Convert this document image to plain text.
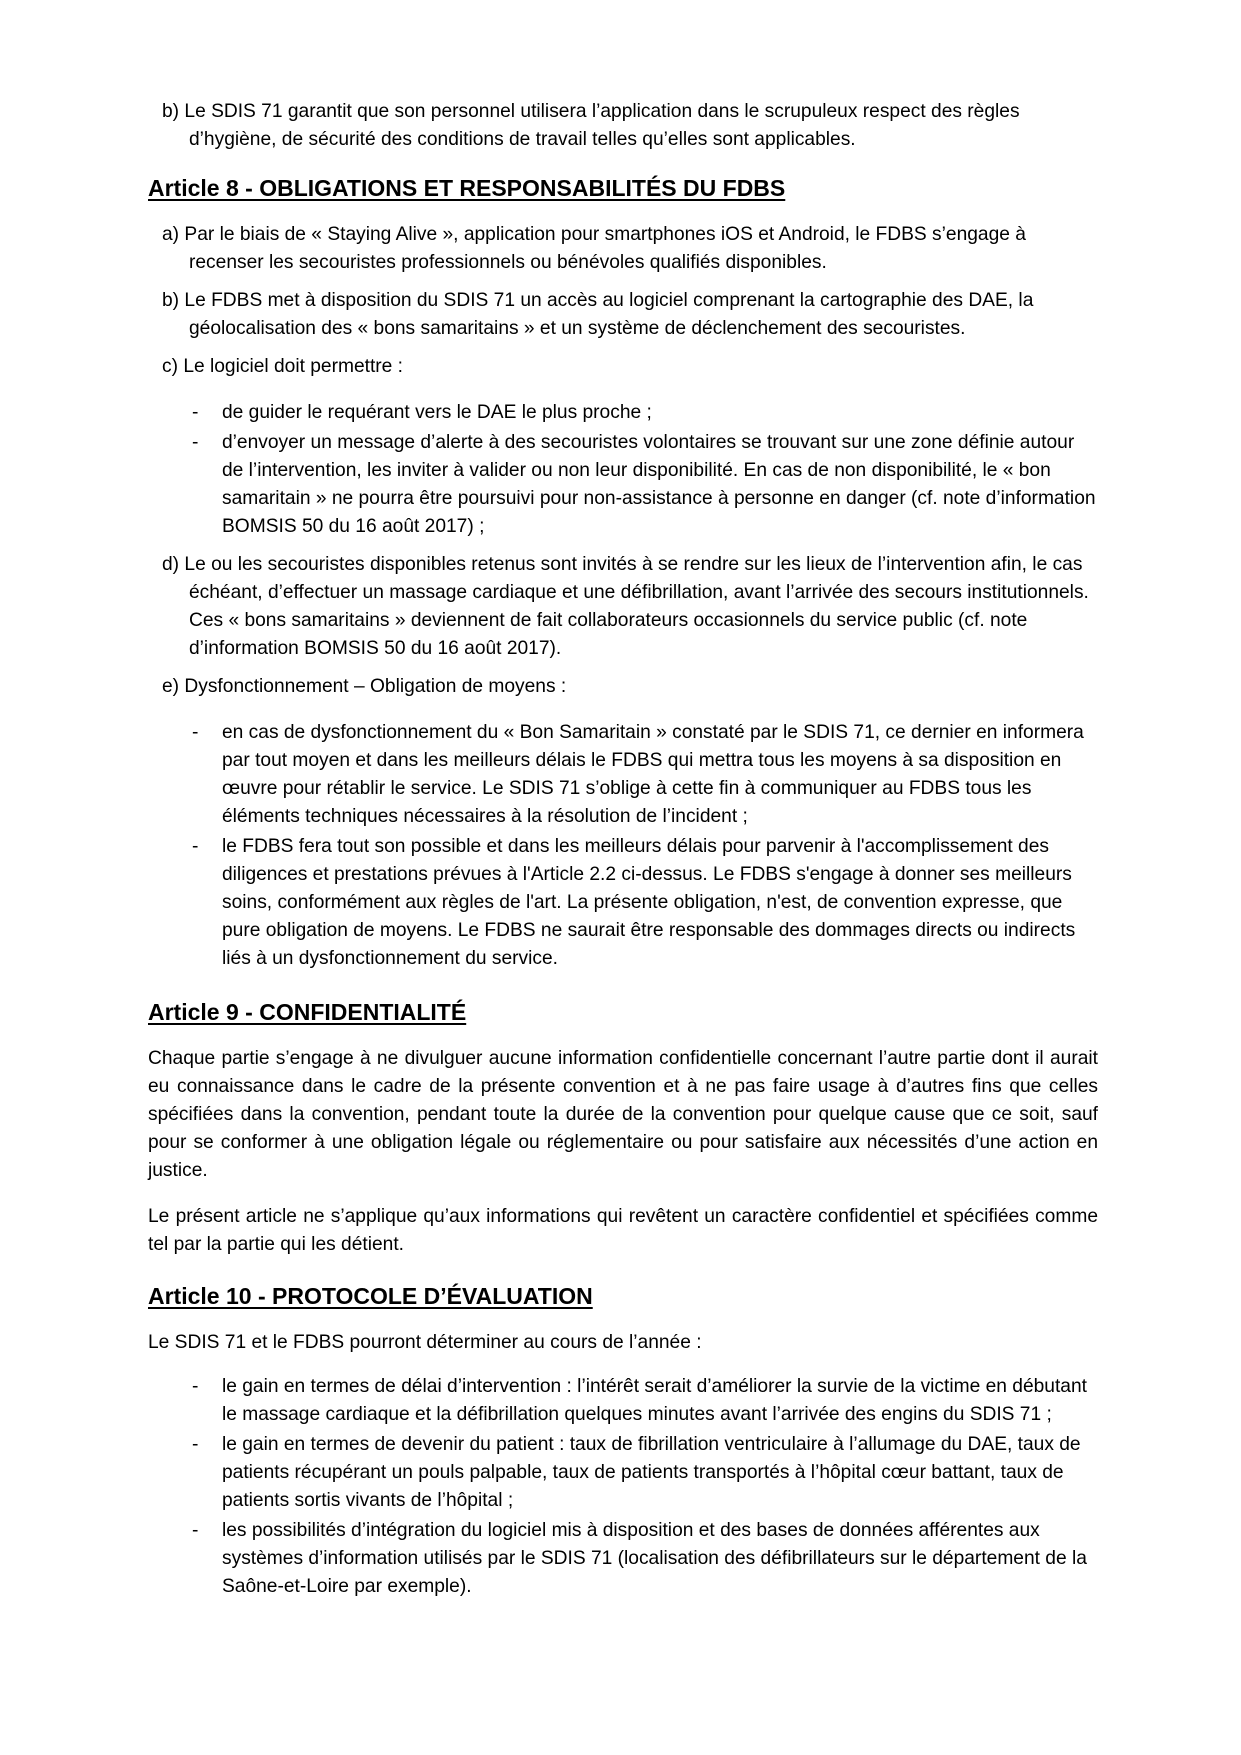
b) Le SDIS 71 garantit que son personnel utilisera l’application dans le scrupuleux respect des règles d’hygiène, de sécurité des conditions de travail telles qu’elles sont applicables.

Article 8 - OBLIGATIONS ET RESPONSABILITÉS DU FDBS

a) Par le biais de « Staying Alive », application pour smartphones iOS et Android, le FDBS s’engage à recenser les secouristes professionnels ou bénévoles qualifiés disponibles.

b) Le FDBS met à disposition du SDIS 71 un accès au logiciel comprenant la cartographie des DAE, la géolocalisation des « bons samaritains » et un système de déclenchement des secouristes.

c) Le logiciel doit permettre :

- de guider le requérant vers le DAE le plus proche ;
- d’envoyer un message d’alerte à des secouristes volontaires se trouvant sur une zone définie autour de l’intervention, les inviter à valider ou non leur disponibilité. En cas de non disponibilité, le « bon samaritain » ne pourra être poursuivi pour non-assistance à personne en danger (cf. note d’information BOMSIS 50 du 16 août 2017) ;

d) Le ou les secouristes disponibles retenus sont invités à se rendre sur les lieux de l’intervention afin, le cas échéant, d’effectuer un massage cardiaque et une défibrillation, avant l’arrivée des secours institutionnels. Ces « bons samaritains » deviennent de fait collaborateurs occasionnels du service public (cf. note d’information BOMSIS 50 du 16 août 2017).

e) Dysfonctionnement – Obligation de moyens :

- en cas de dysfonctionnement du « Bon Samaritain » constaté par le SDIS 71, ce dernier en informera par tout moyen et dans les meilleurs délais le FDBS qui mettra tous les moyens à sa disposition en œuvre pour rétablir le service. Le SDIS 71 s’oblige à cette fin à communiquer au FDBS tous les éléments techniques nécessaires à la résolution de l’incident ;
- le FDBS fera tout son possible et dans les meilleurs délais pour parvenir à l'accomplissement des diligences et prestations prévues à l'Article 2.2 ci-dessus. Le FDBS s'engage à donner ses meilleurs soins, conformément aux règles de l'art. La présente obligation, n'est, de convention expresse, que pure obligation de moyens. Le FDBS ne saurait être responsable des dommages directs ou indirects liés à un dysfonctionnement du service.
Article 9 - CONFIDENTIALITÉ

Chaque partie s’engage à ne divulguer aucune information confidentielle concernant l’autre partie dont il aurait eu connaissance dans le cadre de la présente convention et à ne pas faire usage à d’autres fins que celles spécifiées dans la convention, pendant toute la durée de la convention pour quelque cause que ce soit, sauf pour se conformer à une obligation légale ou réglementaire ou pour satisfaire aux nécessités d’une action en justice.

Le présent article ne s’applique qu’aux informations qui revêtent un caractère confidentiel et spécifiées comme tel par la partie qui les détient.

Article 10 - PROTOCOLE D’ÉVALUATION

Le SDIS 71 et le FDBS pourront déterminer au cours de l’année :

- le gain en termes de délai d’intervention : l’intérêt serait d’améliorer la survie de la victime en débutant le massage cardiaque et la défibrillation quelques minutes avant l’arrivée des engins du SDIS 71 ;
- le gain en termes de devenir du patient : taux de fibrillation ventriculaire à l’allumage du DAE, taux de patients récupérant un pouls palpable, taux de patients transportés à l’hôpital cœur battant, taux de patients sortis vivants de l’hôpital ;
- les possibilités d’intégration du logiciel mis à disposition et des bases de données afférentes aux systèmes d’information utilisés par le SDIS 71 (localisation des défibrillateurs sur le département de la Saône-et-Loire par exemple).
